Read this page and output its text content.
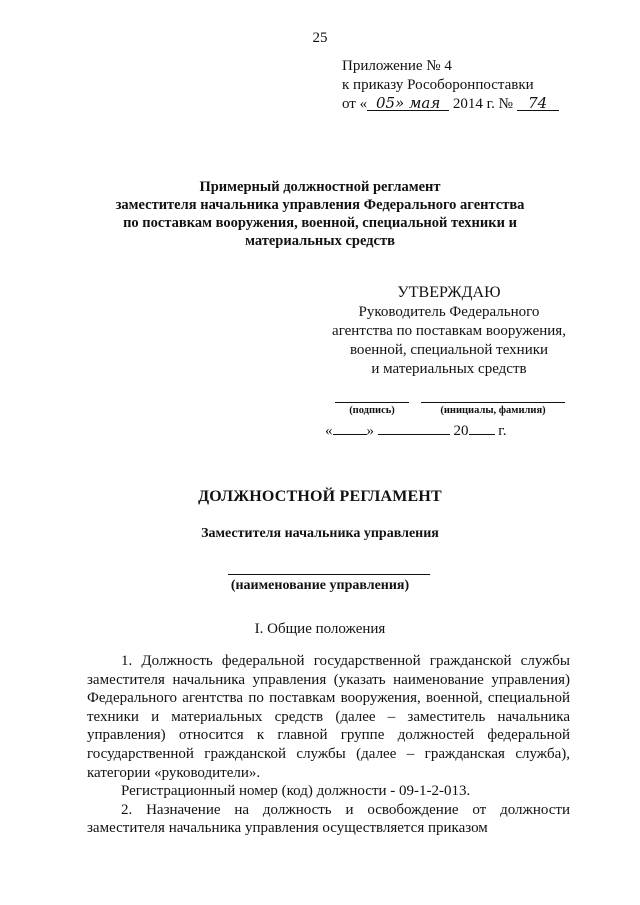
25
Приложение № 4
к приказу Рособоронпоставки
от « 05» мая 2014 г. № 74
Примерный должностной регламент
заместителя начальника управления Федерального агентства
по поставкам вооружения, военной, специальной техники и
материальных средств
УТВЕРЖДАЮ
Руководитель Федерального
агентства по поставкам вооружения,
военной, специальной техники
и материальных средств
(подпись)	(инициалы, фамилия)
« »	20 г.
ДОЛЖНОСТНОЙ РЕГЛАМЕНТ
Заместителя начальника управления
(наименование управления)
I. Общие положения

1. Должность федеральной государственной гражданской службы заместителя начальника управления (указать наименование управления) Федерального агентства по поставкам вооружения, военной, специальной техники и материальных средств (далее – заместитель начальника управления) относится к главной группе должностей федеральной государственной гражданской службы (далее – гражданская служба), категории «руководители».

Регистрационный номер (код) должности - 09-1-2-013.

2. Назначение на должность и освобождение от должности заместителя начальника управления осуществляется приказом
